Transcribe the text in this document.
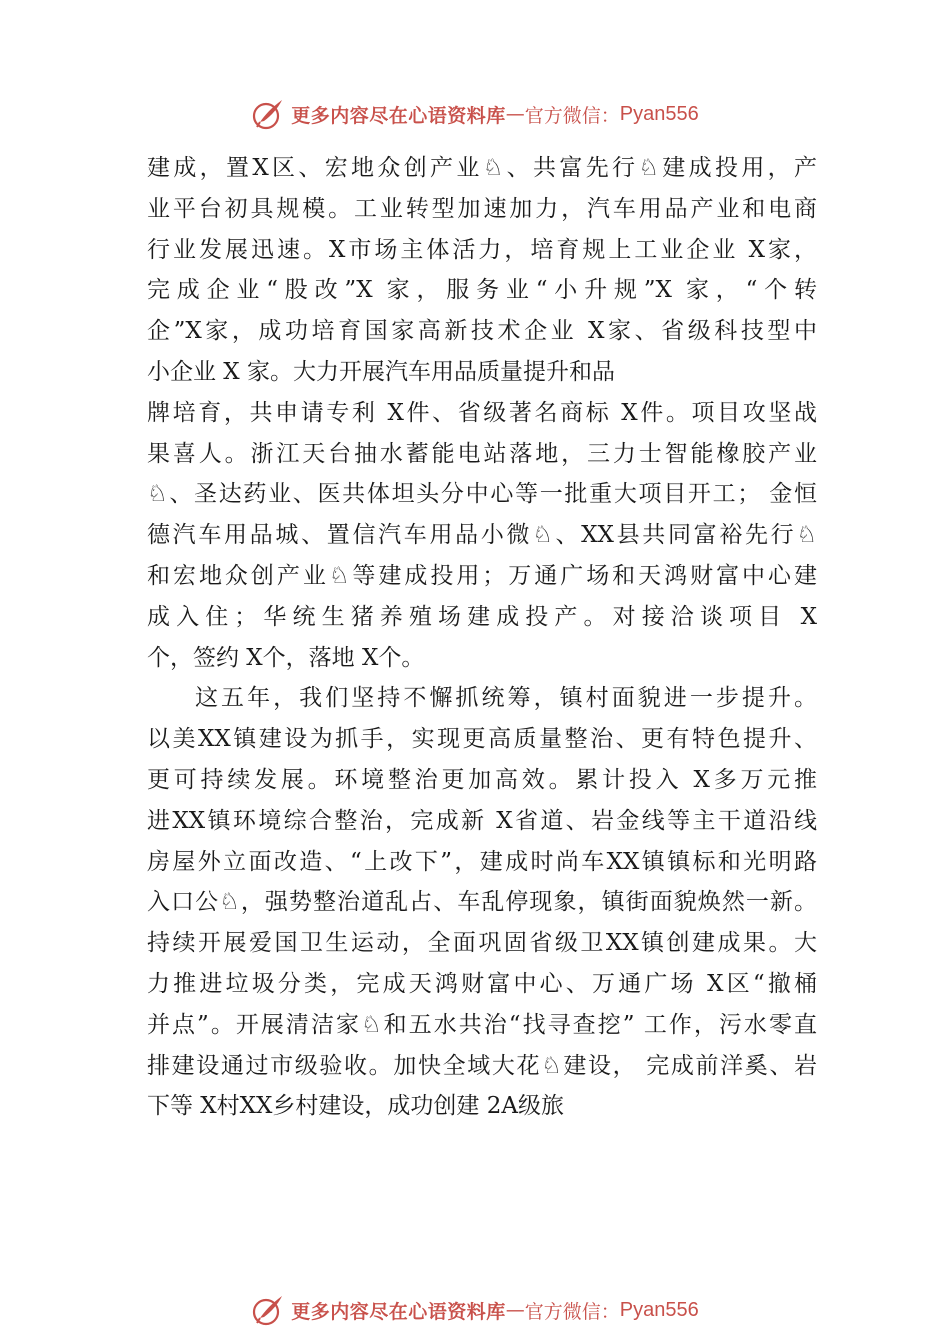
更多内容尽在心语资料库 — 官方微信： Pyan556
建成，置X区、宏地众创产业♘、共富先行♘建成投用，产
业平台初具规模。工业转型加速加力，汽车用品产业和电商
行业发展迅速。X市场主体活力，培育规上工业企业 X家，
完成企业“股改”X 家，服务业“小升规”X 家，“个转
企”X家，成功培育国家高新技术企业 X家、省级科技型中
小企业 X 家。大力开展汽车用品质量提升和品
牌培育，共申请专利 X件、省级著名商标 X件。项目攻坚战
果喜人。浙江天台抽水蓄能电站落地，三力士智能橡胶产业
♘、圣达药业、医共体坦头分中心等一批重大项目开工； 金恒
德汽车用品城、置信汽车用品小微♘、XX县共同富裕先行♘
和宏地众创产业♘等建成投用；万通广场和天鸿财富中心建
成入住；华统生猪养殖场建成投产。对接洽谈项目 X
个，签约 X个，落地 X个。
这五年，我们坚持不懈抓统筹，镇村面貌进一步提升。
以美XX镇建设为抓手，实现更高质量整治、更有特色提升、
更可持续发展。环境整治更加高效。累计投入 X多万元推
进XX镇环境综合整治，完成新 X省道、岩金线等主干道沿线
房屋外立面改造、“上改下”，建成时尚车XX镇镇标和光明路
入口公♘，强势整治道乱占、车乱停现象，镇街面貌焕然一新。
持续开展爱国卫生运动，全面巩固省级卫XX镇创建成果。大
力推进垃圾分类，完成天鸿财富中心、万通广场 X区“撤桶
并点”。开展清洁家♘和五水共治“找寻查挖” 工作，污水零直
排建设通过市级验收。加快全域大花♘建设， 完成前洋奚、岩
下等 X村XX乡村建设，成功创建 2A级旅
更多内容尽在心语资料库 — 官方微信： Pyan556
